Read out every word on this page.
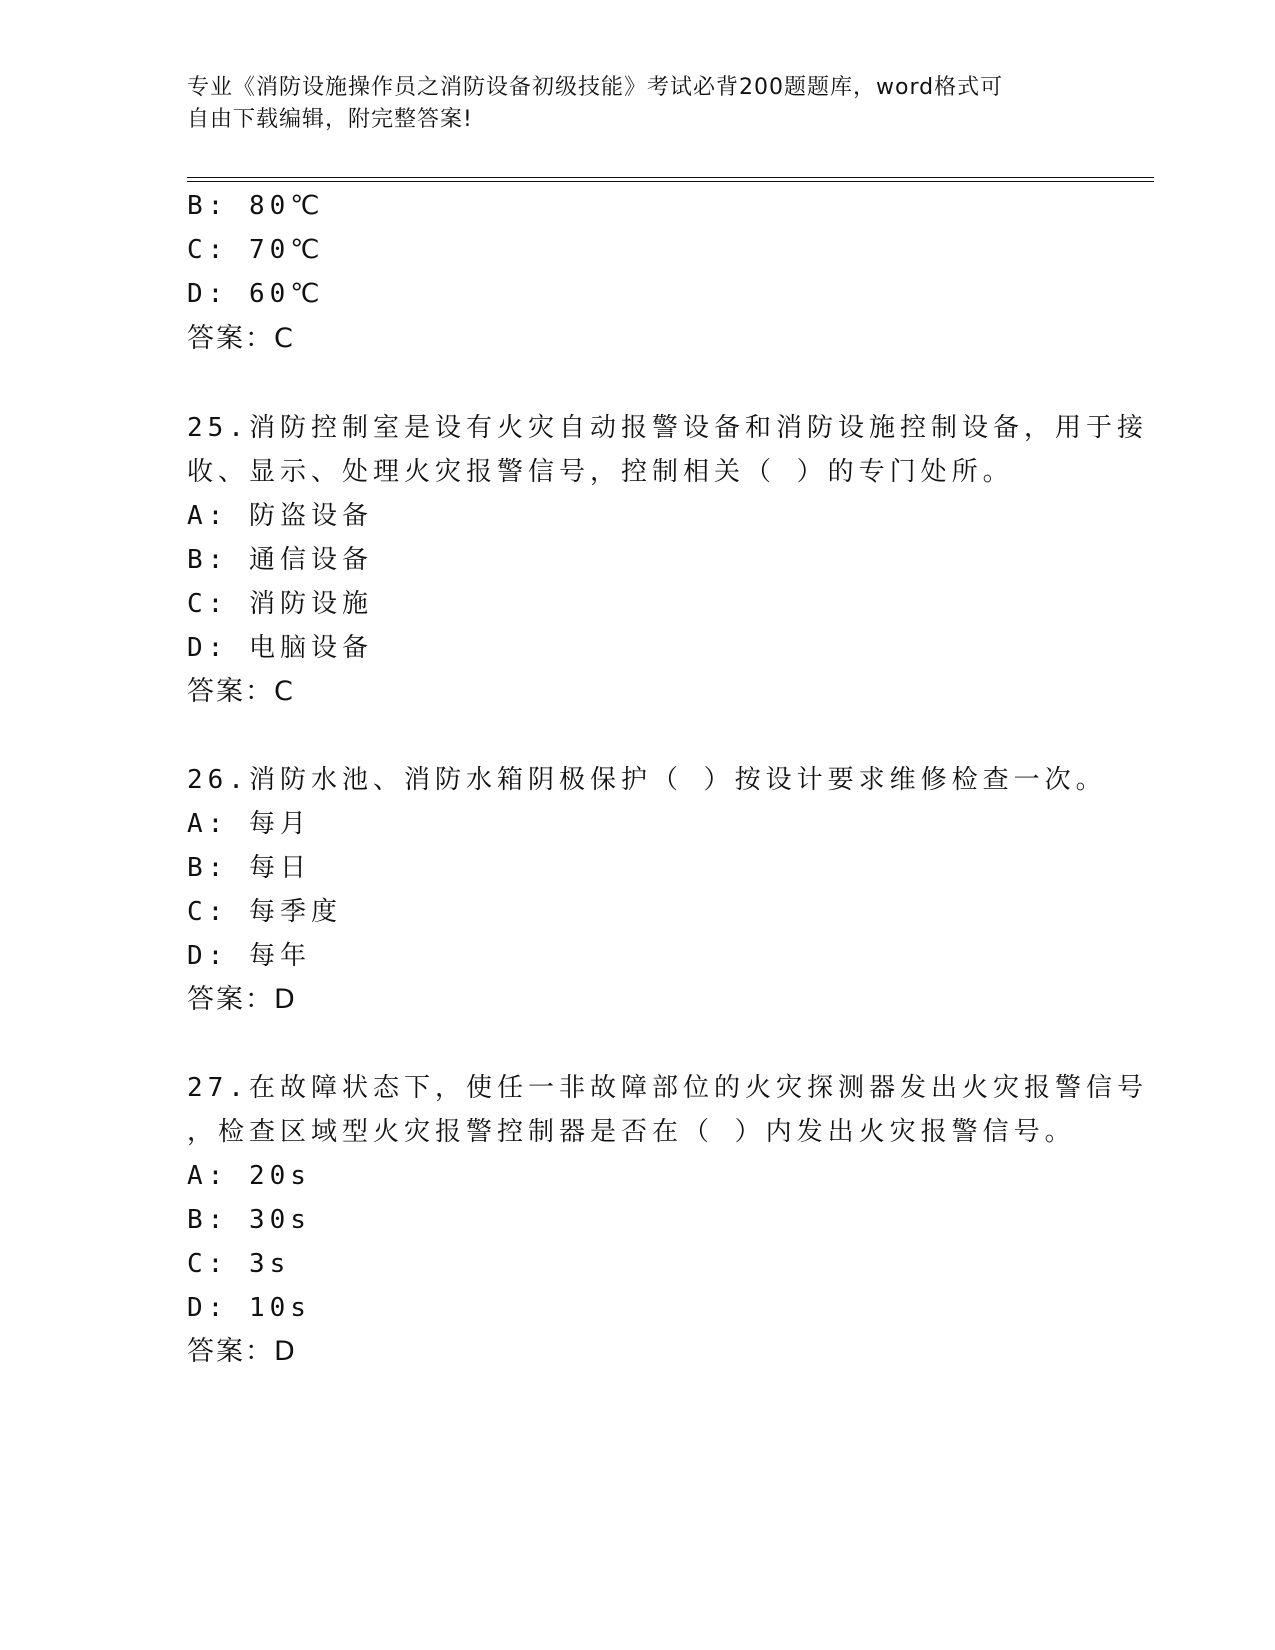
专业《消防设施操作员之消防设备初级技能》考试必背200题题库，word格式可
自由下载编辑，附完整答案!
B: 80℃
C: 70℃
D: 60℃
答案：C
25.消防控制室是设有火灾自动报警设备和消防设施控制设备，用于接
收、显示、处理火灾报警信号，控制相关（ ）的专门处所。
A: 防盗设备
B: 通信设备
C: 消防设施
D: 电脑设备
答案：C
26.消防水池、消防水箱阴极保护（ ）按设计要求维修检查一次。
A: 每月
B: 每日
C: 每季度
D: 每年
答案：D
27.在故障状态下，使任一非故障部位的火灾探测器发出火灾报警信号
，检查区域型火灾报警控制器是否在（ ）内发出火灾报警信号。
A: 20s
B: 30s
C: 3s
D: 10s
答案：D
